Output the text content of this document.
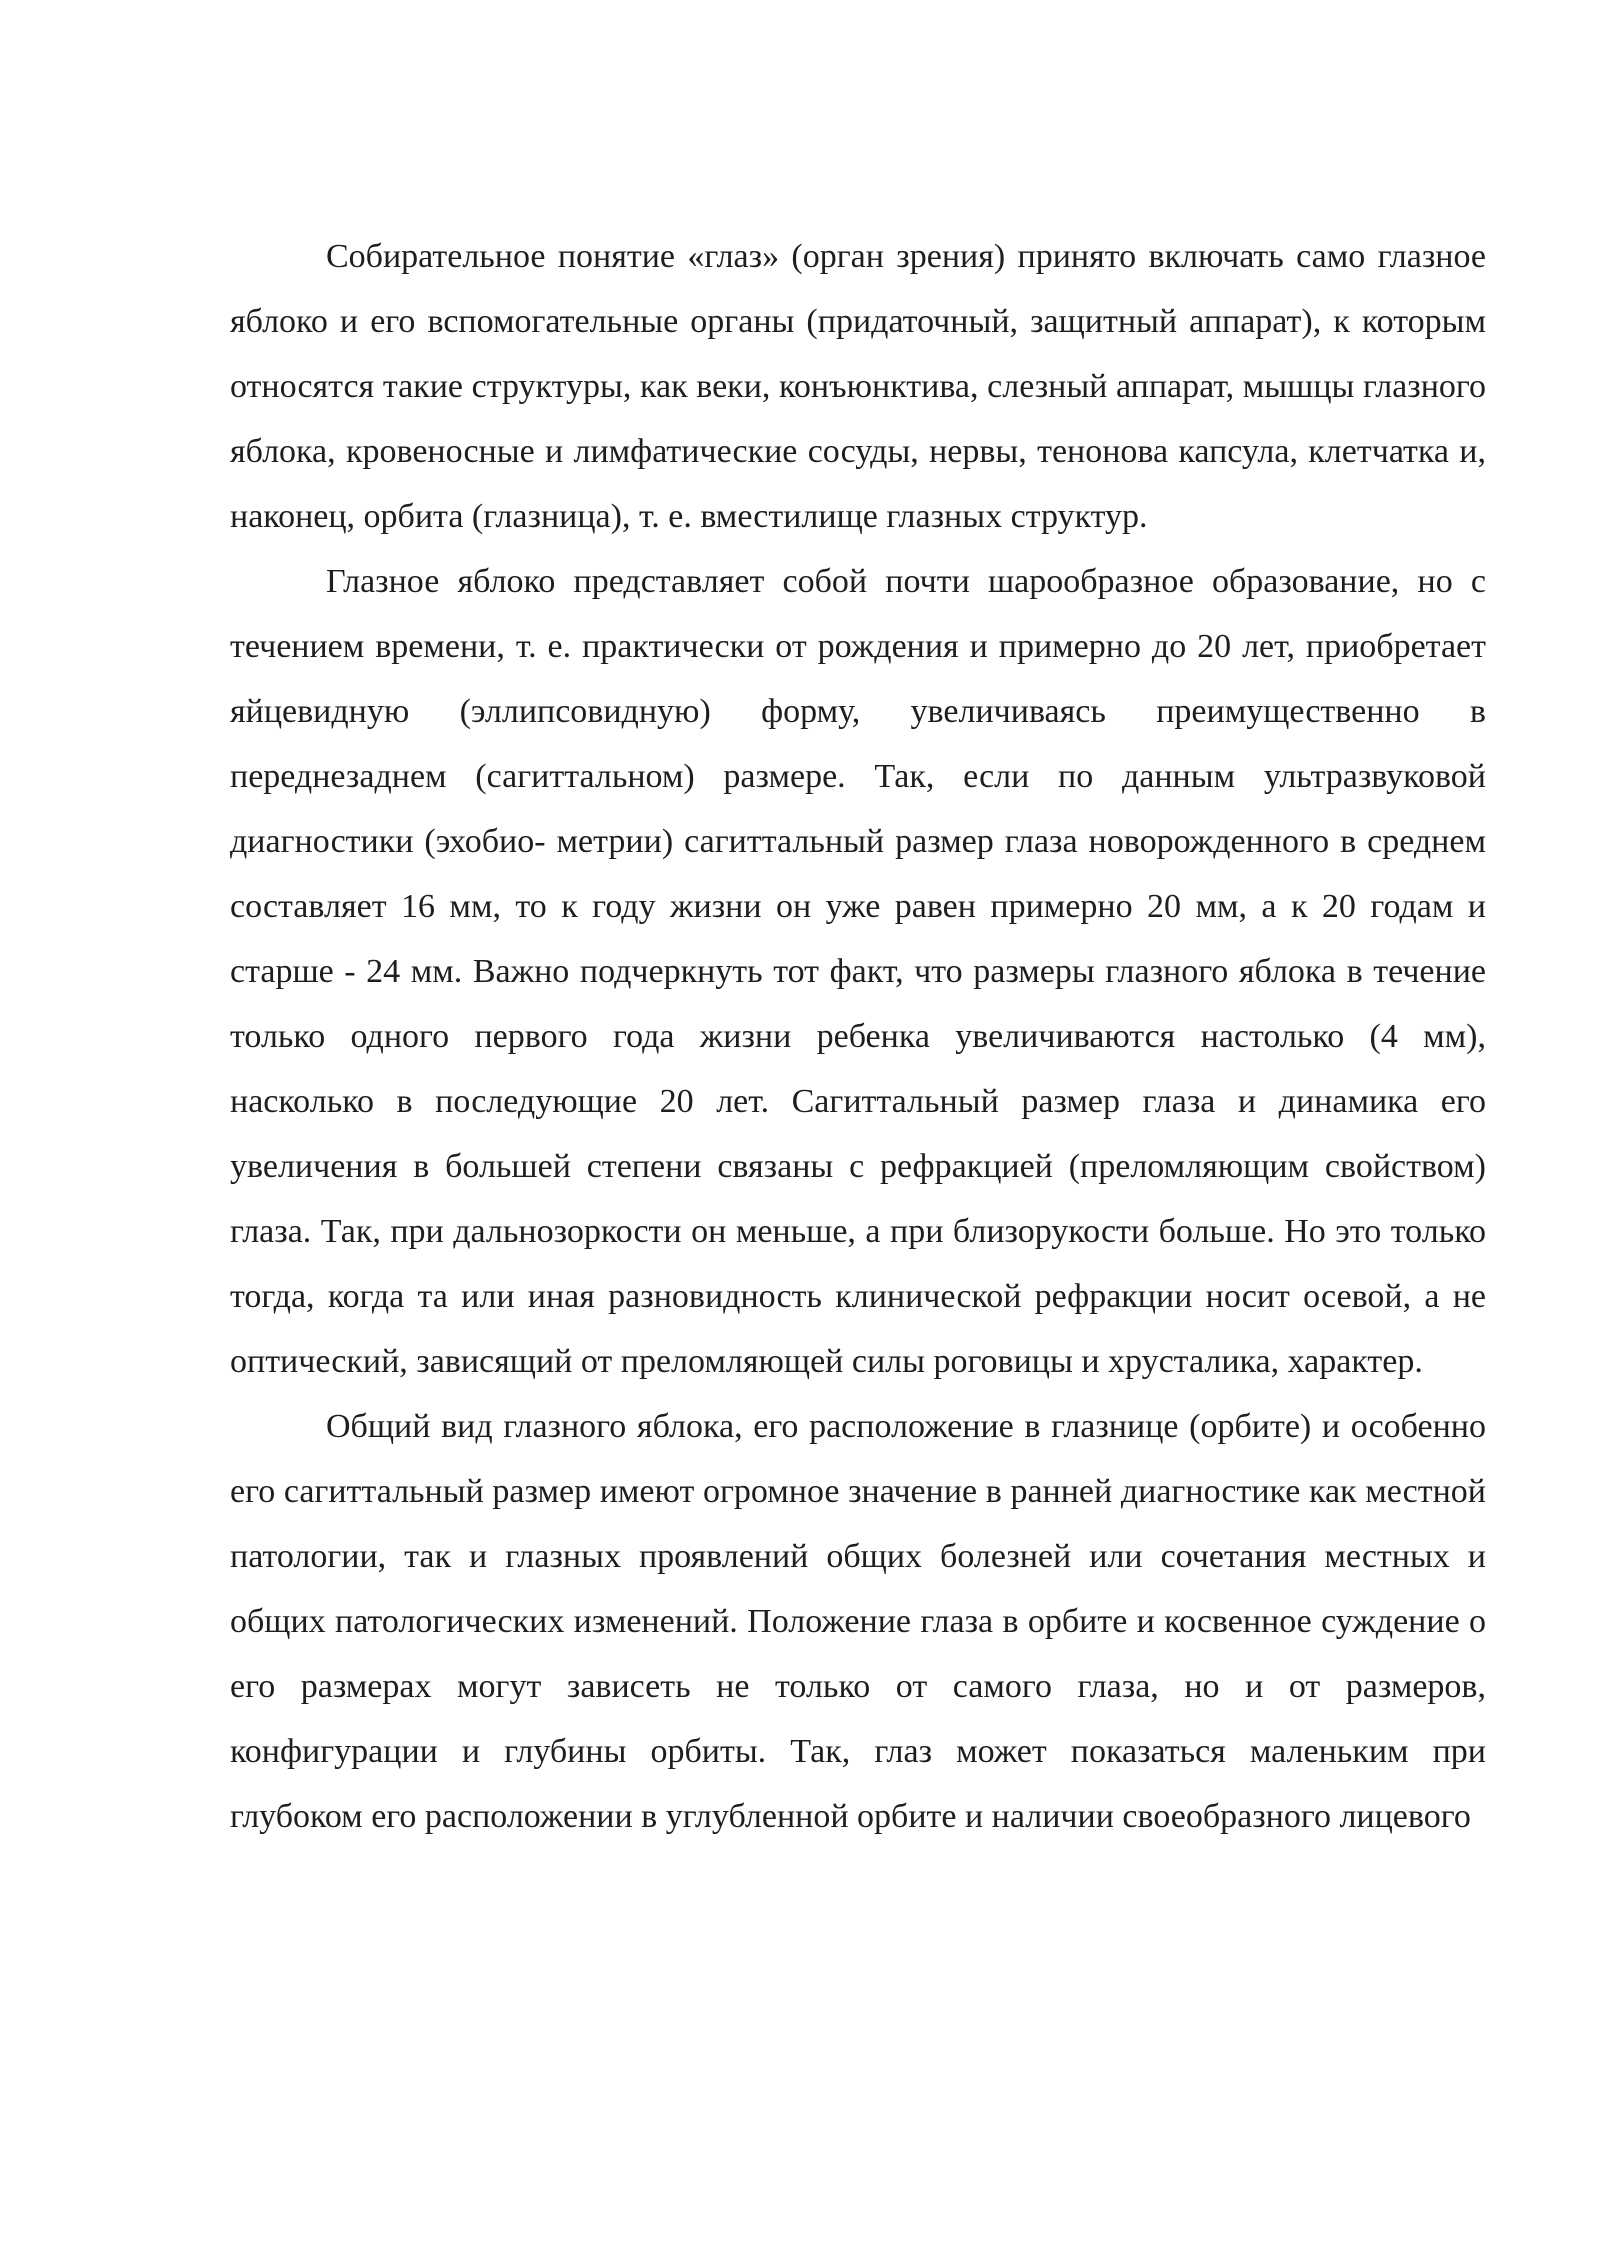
Собирательное понятие «глаз» (орган зрения) принято включать само глазное яблоко и его вспомогательные органы (придаточный, защитный аппарат), к которым относятся такие структуры, как веки, конъюнктива, слезный аппарат, мышцы глазного яблока, кровеносные и лимфатические сосуды, нервы, тенонова капсула, клетчатка и, наконец, орбита (глазница), т. е. вместилище глазных структур.

Глазное яблоко представляет собой почти шарообразное образование, но с течением времени, т. е. практически от рождения и примерно до 20 лет, приобретает яйцевидную (эллипсовидную) форму, увеличиваясь преимущественно в переднезаднем (сагиттальном) размере. Так, если по данным ультразвуковой диагностики (эхобио- метрии) сагиттальный размер глаза новорожденного в среднем составляет 16 мм, то к году жизни он уже равен примерно 20 мм, а к 20 годам и старше - 24 мм. Важно подчеркнуть тот факт, что размеры глазного яблока в течение только одного первого года жизни ребенка увеличиваются настолько (4 мм), насколько в последующие 20 лет. Сагиттальный размер глаза и динамика его увеличения в большей степени связаны с рефракцией (преломляющим свойством) глаза. Так, при дальнозоркости он меньше, а при близорукости больше. Но это только тогда, когда та или иная разновидность клинической рефракции носит осевой, а не оптический, зависящий от преломляющей силы роговицы и хрусталика, характер.

Общий вид глазного яблока, его расположение в глазнице (орбите) и особенно его сагиттальный размер имеют огромное значение в ранней диагностике как местной патологии, так и глазных проявлений общих болезней или сочетания местных и общих патологических изменений. Положение глаза в орбите и косвенное суждение о его размерах могут зависеть не только от самого глаза, но и от размеров, конфигурации и глубины орбиты. Так, глаз может показаться маленьким при глубоком его расположении в углубленной орбите и наличии своеобразного лицевого
